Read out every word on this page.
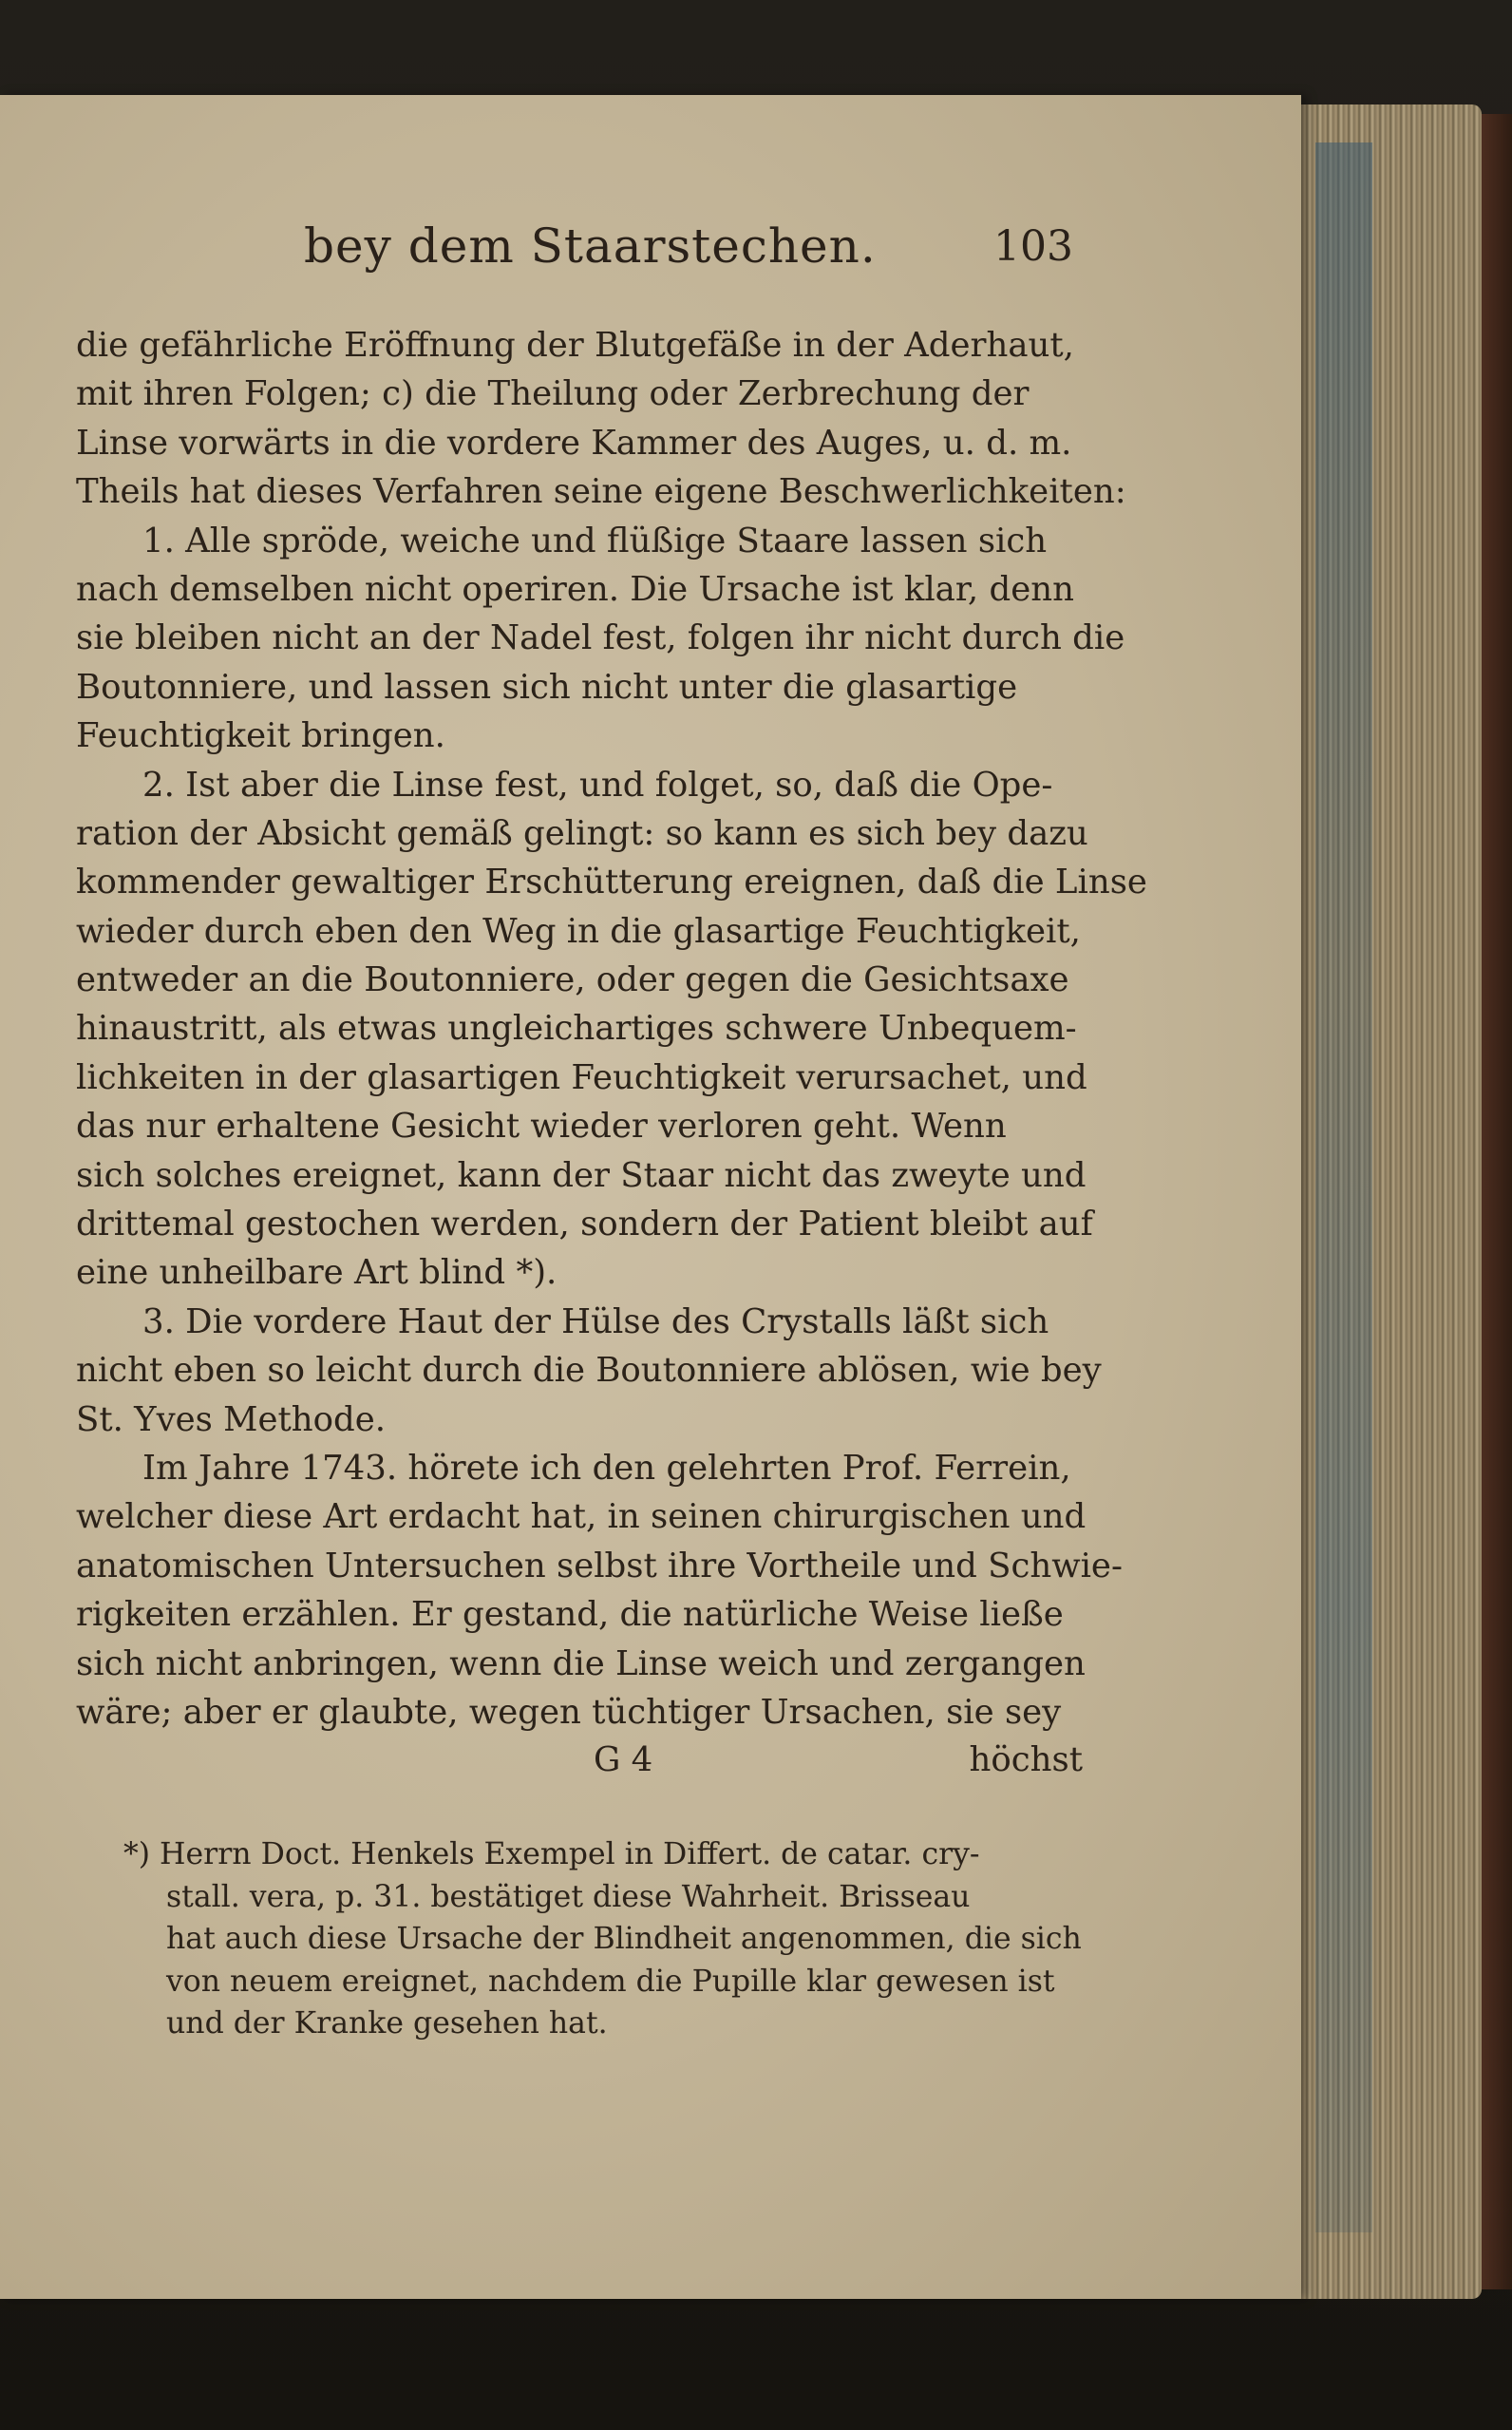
bey dem Staarstechen.	103
die gefährliche Eröffnung der Blutgefäße in der Aderhaut,
mit ihren Folgen; c) die Theilung oder Zerbrechung der
Linse vorwärts in die vordere Kammer des Auges, u. d. m.
Theils hat dieses Verfahren seine eigene Beschwerlichkeiten:
1. Alle spröde, weiche und flüßige Staare lassen sich
nach demselben nicht operiren. Die Ursache ist klar, denn
sie bleiben nicht an der Nadel fest, folgen ihr nicht durch die
Boutonniere, und lassen sich nicht unter die glasartige
Feuchtigkeit bringen.
2. Ist aber die Linse fest, und folget, so, daß die Ope-
ration der Absicht gemäß gelingt: so kann es sich bey dazu
kommender gewaltiger Erschütterung ereignen, daß die Linse
wieder durch eben den Weg in die glasartige Feuchtigkeit,
entweder an die Boutonniere, oder gegen die Gesichtsaxe
hinaustritt, als etwas ungleichartiges schwere Unbequem-
lichkeiten in der glasartigen Feuchtigkeit verursachet, und
das nur erhaltene Gesicht wieder verloren geht. Wenn
sich solches ereignet, kann der Staar nicht das zweyte und
drittemal gestochen werden, sondern der Patient bleibt auf
eine unheilbare Art blind *).
3. Die vordere Haut der Hülse des Crystalls läßt sich
nicht eben so leicht durch die Boutonniere ablösen, wie bey
St. Yves Methode.
Im Jahre 1743. hörete ich den gelehrten Prof. Ferrein,
welcher diese Art erdacht hat, in seinen chirurgischen und
anatomischen Untersuchen selbst ihre Vortheile und Schwie-
rigkeiten erzählen. Er gestand, die natürliche Weise ließe
sich nicht anbringen, wenn die Linse weich und zergangen
wäre; aber er glaubte, wegen tüchtiger Ursachen, sie sey
G 4	höchst
*) Herrn Doct. Henkels Exempel in Differt. de catar. cry-
stall. vera, p. 31. bestätiget diese Wahrheit. Brisseau
hat auch diese Ursache der Blindheit angenommen, die sich
von neuem ereignet, nachdem die Pupille klar gewesen ist
und der Kranke gesehen hat.
